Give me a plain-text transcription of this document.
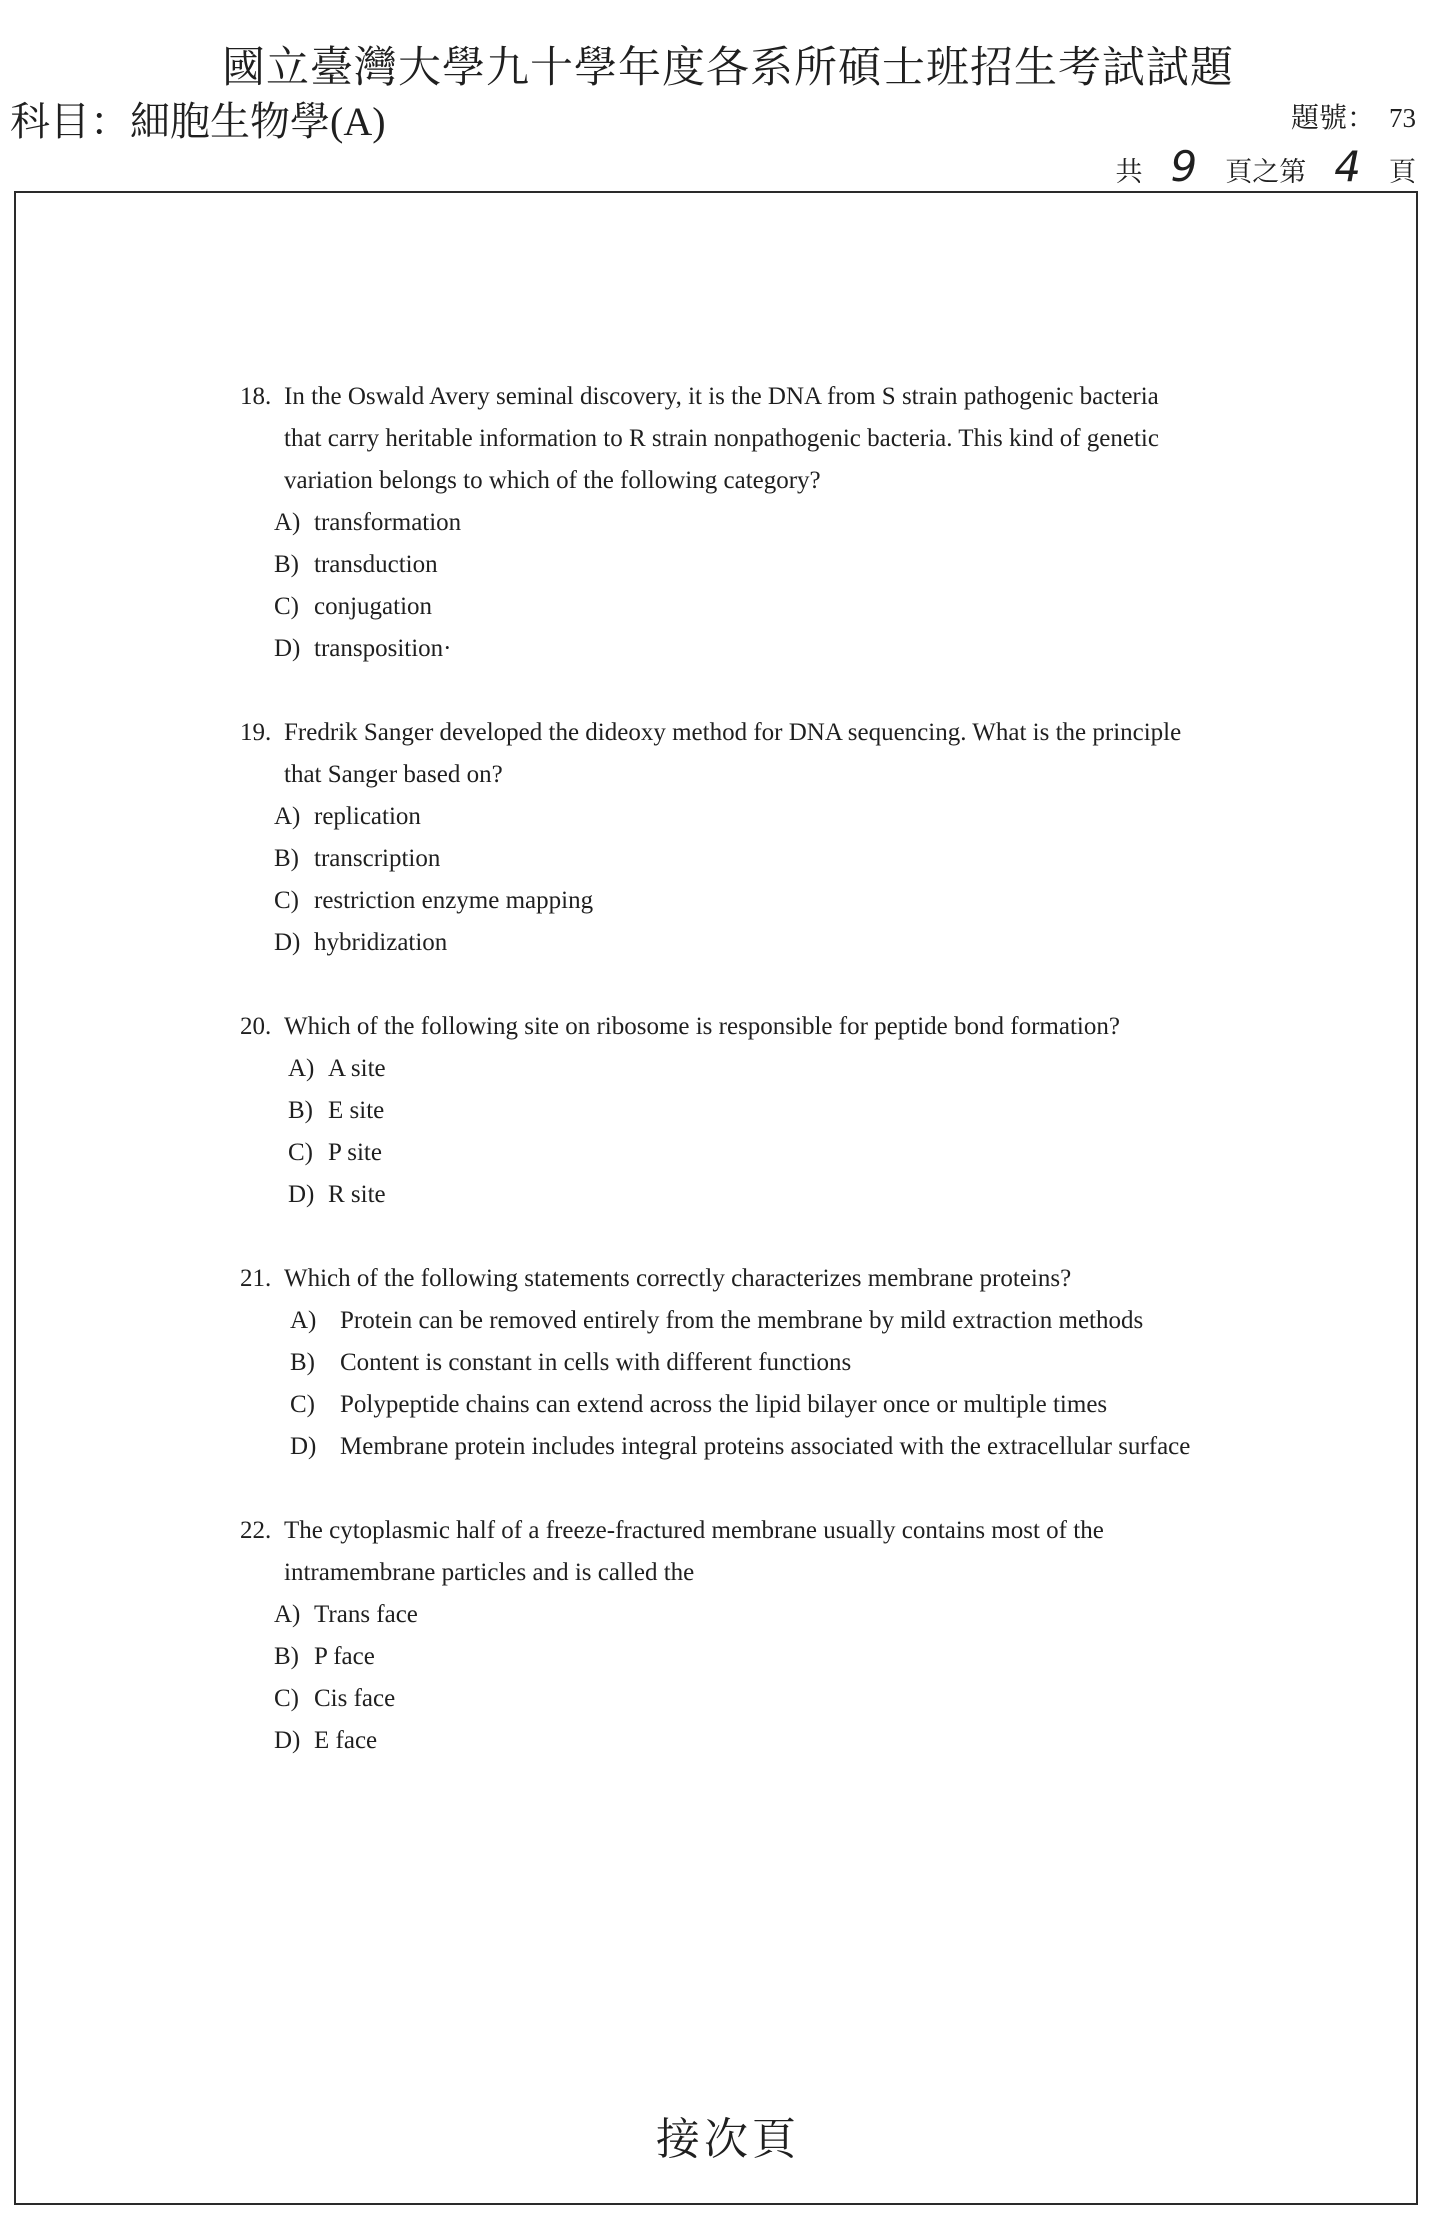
國立臺灣大學九十學年度各系所碩士班招生考試試題
科目：細胞生物學(A)	題號： 73
共 9 頁之第 4 頁
18. In the Oswald Avery seminal discovery, it is the DNA from S strain pathogenic bacteria that carry heritable information to R strain nonpathogenic bacteria. This kind of genetic variation belongs to which of the following category?
A) transformation
B) transduction
C) conjugation
D) transposition·
19. Fredrik Sanger developed the dideoxy method for DNA sequencing. What is the principle that Sanger based on?
A) replication
B) transcription
C) restriction enzyme mapping
D) hybridization
20. Which of the following site on ribosome is responsible for peptide bond formation?
A) A site
B) E site
C) P site
D) R site
21. Which of the following statements correctly characterizes membrane proteins?
A) Protein can be removed entirely from the membrane by mild extraction methods
B)	Content is constant in cells with different functions
C)	Polypeptide chains can extend across the lipid bilayer once or multiple times
D) Membrane protein includes integral proteins associated with the extracellular surface
22. The cytoplasmic half of a freeze-fractured membrane usually contains most of the intramembrane particles and is called the
A) Trans face
B) P face
C) Cis face
D) E face
接次頁
